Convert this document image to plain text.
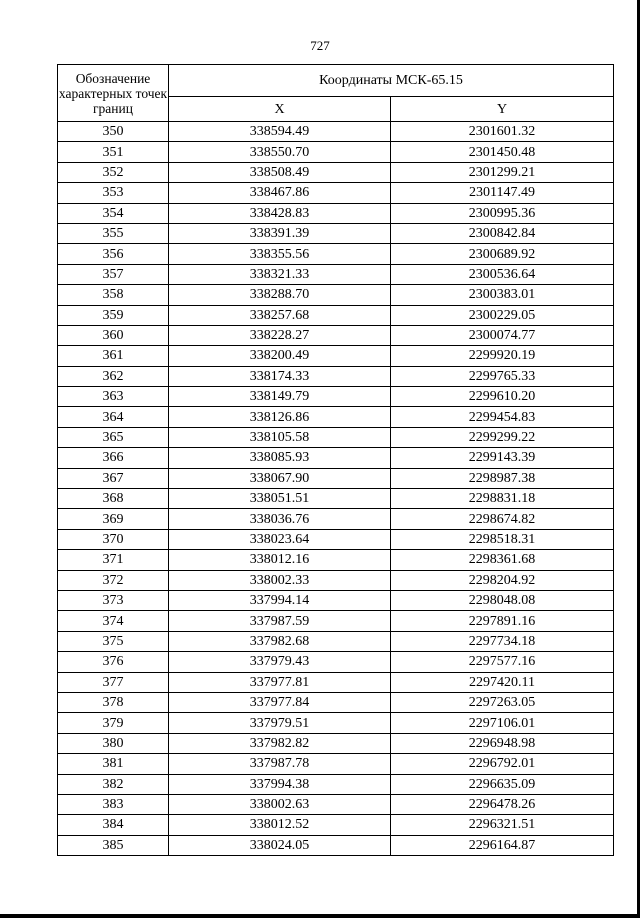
727
Обозначение характерных точек границ	Координаты МСК-65.15	
	X	Y
350	338594.49	2301601.32
351	338550.70	2301450.48
352	338508.49	2301299.21
353	338467.86	2301147.49
354	338428.83	2300995.36
355	338391.39	2300842.84
356	338355.56	2300689.92
357	338321.33	2300536.64
358	338288.70	2300383.01
359	338257.68	2300229.05
360	338228.27	2300074.77
361	338200.49	2299920.19
362	338174.33	2299765.33
363	338149.79	2299610.20
364	338126.86	2299454.83
365	338105.58	2299299.22
366	338085.93	2299143.39
367	338067.90	2298987.38
368	338051.51	2298831.18
369	338036.76	2298674.82
370	338023.64	2298518.31
371	338012.16	2298361.68
372	338002.33	2298204.92
373	337994.14	2298048.08
374	337987.59	2297891.16
375	337982.68	2297734.18
376	337979.43	2297577.16
377	337977.81	2297420.11
378	337977.84	2297263.05
379	337979.51	2297106.01
380	337982.82	2296948.98
381	337987.78	2296792.01
382	337994.38	2296635.09
383	338002.63	2296478.26
384	338012.52	2296321.51
385	338024.05	2296164.87
